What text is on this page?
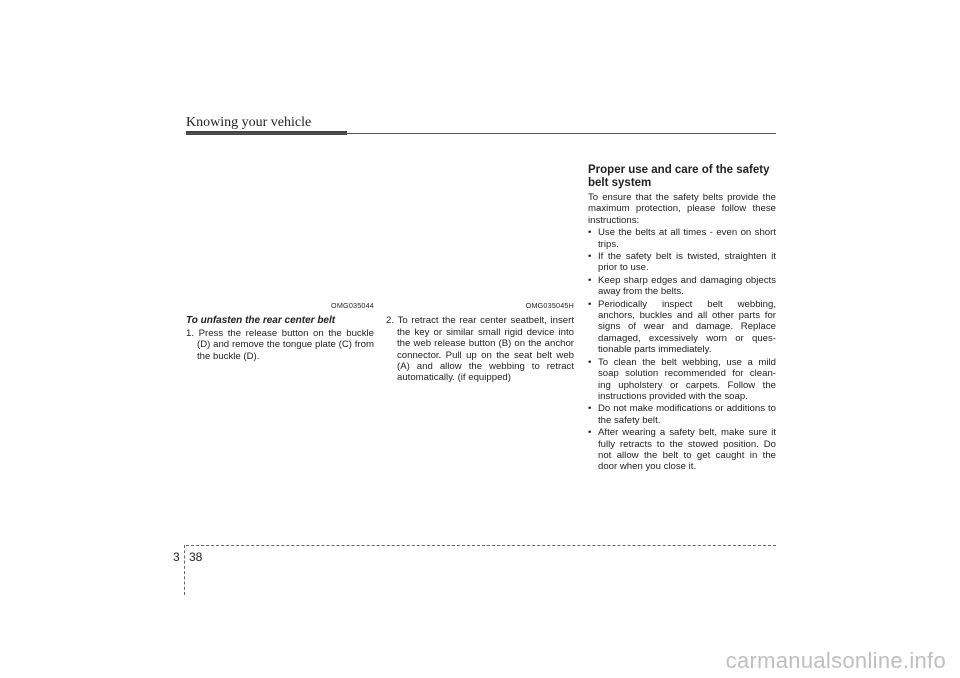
Knowing your vehicle
OMG035044
To unfasten the rear center belt
1. Press the release button on the buckle (D) and remove the tongue plate (C) from the buckle (D).
OMG035045H
2. To retract the rear center seatbelt, insert the key or similar small rigid device into the web release button (B) on the anchor connector. Pull up on the seat belt web (A) and allow the webbing to retract automatically. (if equipped)
Proper use and care of the safety belt system
To ensure that the safety belts provide the maximum protection, please follow these instructions:
• Use the belts at all times - even on short trips.
• If the safety belt is twisted, straighten it prior to use.
• Keep sharp edges and damaging objects away from the belts.
• Periodically inspect belt webbing, anchors, buckles and all other parts for signs of wear and damage. Replace damaged, excessively worn or ques- tionable parts immediately.
• To clean the belt webbing, use a mild soap solution recommended for clean- ing upholstery or carpets. Follow the instructions provided with the soap.
• Do not make modifications or additions to the safety belt.
• After wearing a safety belt, make sure it fully retracts to the stowed position. Do not allow the belt to get caught in the door when you close it.
3 38
carmanualsonline.info
